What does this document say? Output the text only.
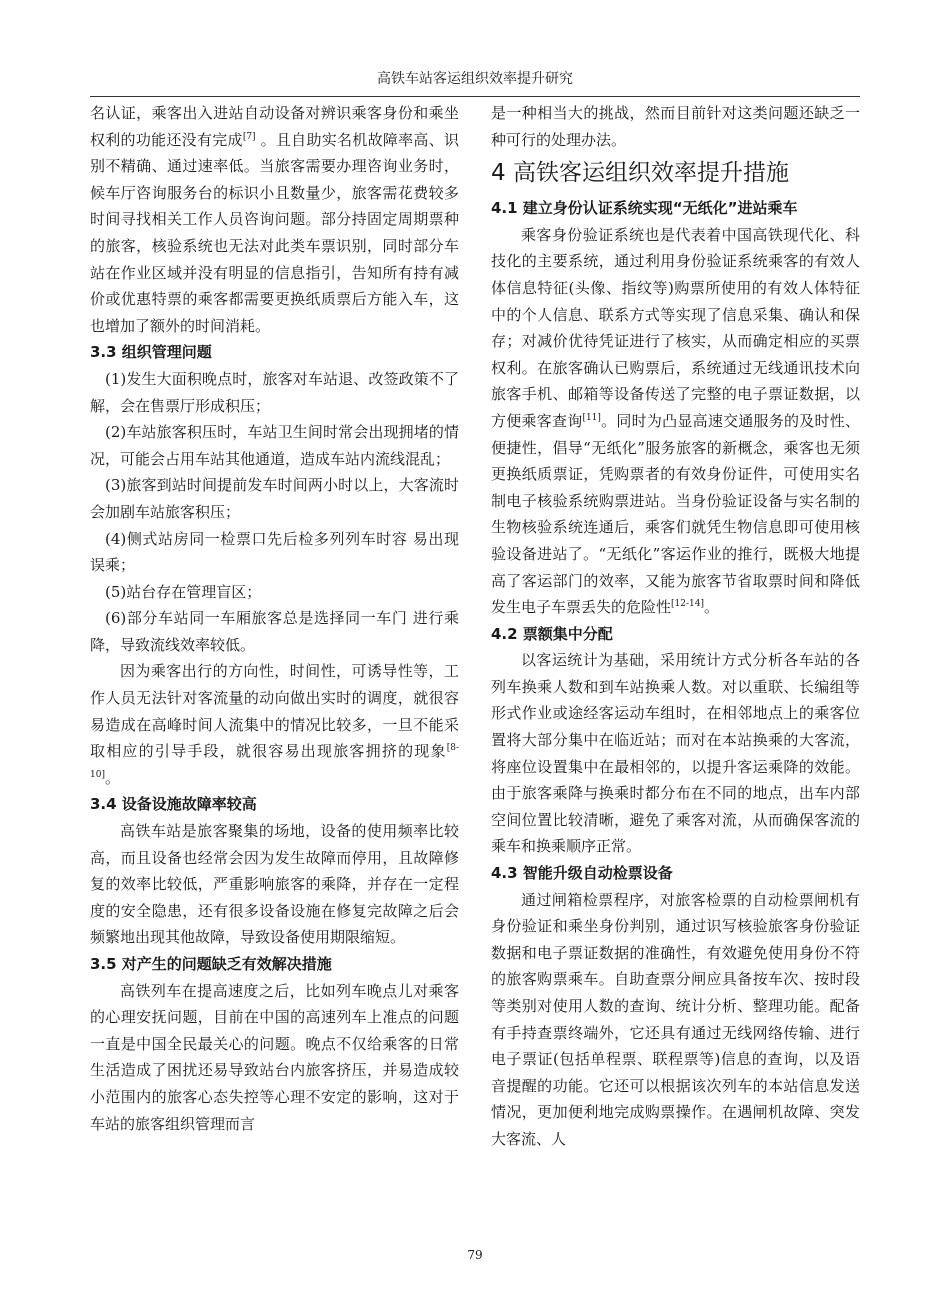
高铁车站客运组织效率提升研究

名认证，乘客出入进站自动设备对辨识乘客身份和乘坐权利的功能还没有完成[7] 。且自助实名机故障率高、识别不精确、通过速率低。当旅客需要办理咨询业务时，候车厅咨询服务台的标识小且数量少，旅客需花费较多时间寻找相关工作人员咨询问题。部分持固定周期票种的旅客，核验系统也无法对此类车票识别，同时部分车站在作业区域并没有明显的信息指引，告知所有持有减价或优惠特票的乘客都需要更换纸质票后方能入车，这也增加了额外的时间消耗。

3.3 组织管理问题

(1)发生大面积晚点时，旅客对车站退、改签政策不了解，会在售票厅形成积压；

(2)车站旅客积压时，车站卫生间时常会出现拥堵的情况，可能会占用车站其他通道，造成车站内流线混乱；

(3)旅客到站时间提前发车时间两小时以上，大客流时会加剧车站旅客积压；

(4)侧式站房同一检票口先后检多列列车时容 易出现误乘；

(5)站台存在管理盲区；

(6)部分车站同一车厢旅客总是选择同一车门 进行乘降，导致流线效率较低。

因为乘客出行的方向性，时间性，可诱导性等，工作人员无法针对客流量的动向做出实时的调度，就很容易造成在高峰时间人流集中的情况比较多，一旦不能采取相应的引导手段，就很容易出现旅客拥挤的现象[8-10]。

3.4 设备设施故障率较高

高铁车站是旅客聚集的场地，设备的使用频率比较高，而且设备也经常会因为发生故障而停用，且故障修复的效率比较低，严重影响旅客的乘降，并存在一定程度的安全隐患，还有很多设备设施在修复完故障之后会频繁地出现其他故障，导致设备使用期限缩短。

3.5 对产生的问题缺乏有效解决措施

高铁列车在提高速度之后，比如列车晚点儿对乘客的心理安抚问题，目前在中国的高速列车上准点的问题一直是中国全民最关心的问题。晚点不仅给乘客的日常生活造成了困扰还易导致站台内旅客挤压，并易造成较小范围内的旅客心态失控等心理不安定的影响，这对于车站的旅客组织管理而言

是一种相当大的挑战，然而目前针对这类问题还缺乏一种可行的处理办法。

4 高铁客运组织效率提升措施
4.1 建立身份认证系统实现“无纸化”进站乘车

乘客身份验证系统也是代表着中国高铁现代化、科技化的主要系统，通过利用身份验证系统乘客的有效人体信息特征(头像、指纹等)购票所使用的有效人体特征中的个人信息、联系方式等实现了信息采集、确认和保存；对减价优待凭证进行了核实，从而确定相应的买票权利。在旅客确认已购票后，系统通过无线通讯技术向旅客手机、邮箱等设备传送了完整的电子票证数据，以方便乘客查询[11]。同时为凸显高速交通服务的及时性、便捷性，倡导“无纸化”服务旅客的新概念，乘客也无须更换纸质票证，凭购票者的有效身份证件，可使用实名制电子核验系统购票进站。当身份验证设备与实名制的生物核验系统连通后，乘客们就凭生物信息即可使用核验设备进站了。“无纸化”客运作业的推行，既极大地提高了客运部门的效率，又能为旅客节省取票时间和降低发生电子车票丢失的危险性[12-14]。

4.2 票额集中分配

以客运统计为基础，采用统计方式分析各车站的各列车换乘人数和到车站换乘人数。对以重联、长编组等形式作业或途经客运动车组时，在相邻地点上的乘客位置将大部分集中在临近站；而对在本站换乘的大客流，将座位设置集中在最相邻的，以提升客运乘降的效能。由于旅客乘降与换乘时都分布在不同的地点，出车内部空间位置比较清晰，避免了乘客对流，从而确保客流的乘车和换乘顺序正常。

4.3 智能升级自动检票设备

通过闸箱检票程序，对旅客检票的自动检票闸机有身份验证和乘坐身份判别，通过识写核验旅客身份验证数据和电子票证数据的准确性，有效避免使用身份不符的旅客购票乘车。自助查票分闸应具备按车次、按时段等类别对使用人数的查询、统计分析、整理功能。配备有手持查票终端外，它还具有通过无线网络传输、进行电子票证(包括单程票、联程票等)信息的查询，以及语音提醒的功能。它还可以根据该次列车的本站信息发送情况，更加便利地完成购票操作。在遇闸机故障、突发大客流、人

79
